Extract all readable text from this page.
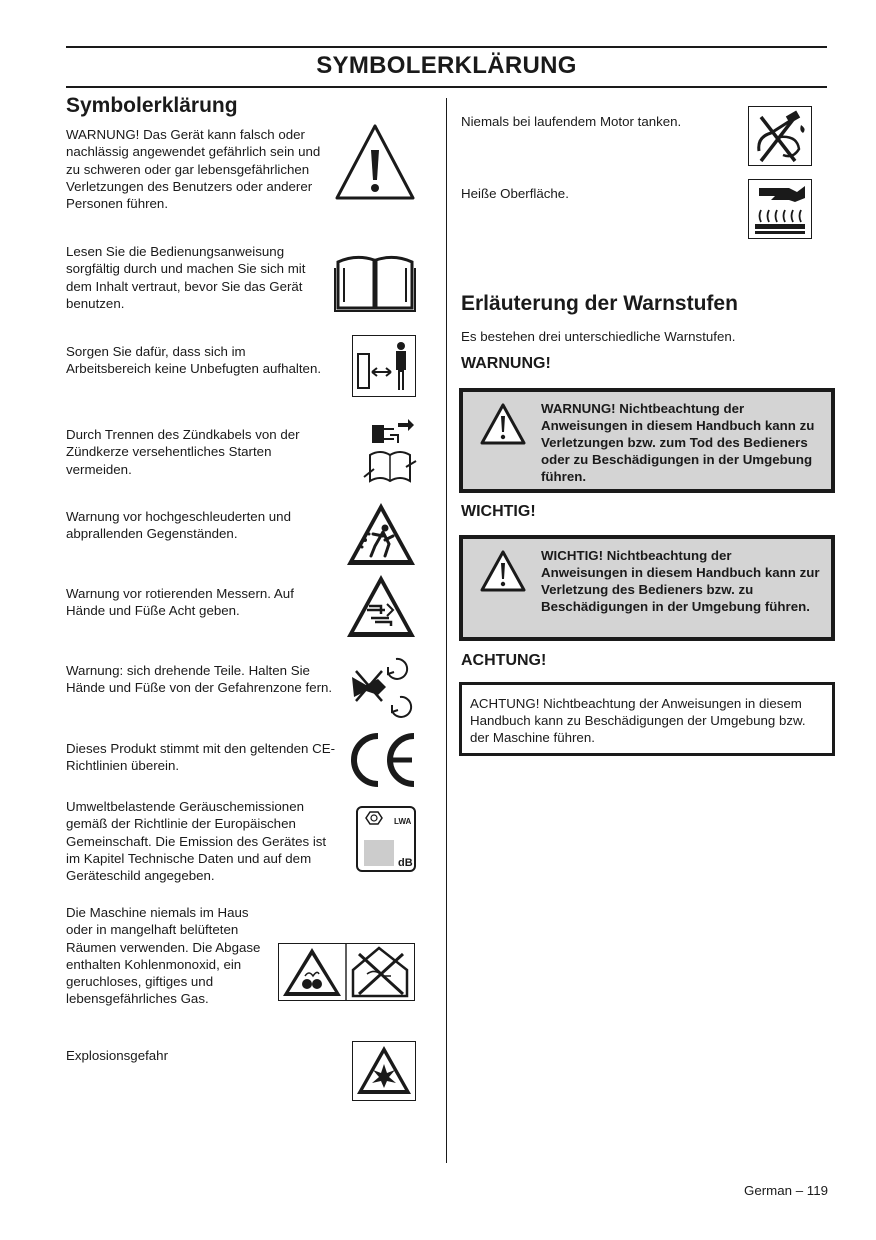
SYMBOLERKLÄRUNG
Symbolerklärung
WARNUNG! Das Gerät kann falsch oder nachlässig angewendet gefährlich sein und zu schweren oder gar lebensgefährlichen Verletzungen des Benutzers oder anderer Personen führen.
Lesen Sie die Bedienungsanweisung sorgfältig durch und machen Sie sich mit dem Inhalt vertraut, bevor Sie das Gerät benutzen.
Sorgen Sie dafür, dass sich im Arbeitsbereich keine Unbefugten aufhalten.
Durch Trennen des Zündkabels von der Zündkerze versehentliches Starten vermeiden.
Warnung vor hochgeschleuderten und abprallenden Gegenständen.
Warnung vor rotierenden Messern. Auf Hände und Füße Acht geben.
Warnung: sich drehende Teile. Halten Sie Hände und Füße von der Gefahrenzone fern.
Dieses Produkt stimmt mit den geltenden CE-Richtlinien überein.
CE
Umweltbelastende Geräuschemissionen gemäß der Richtlinie der Europäischen Gemeinschaft. Die Emission des Gerätes ist im Kapitel Technische Daten und auf dem Geräteschild angegeben.
LWA
dB
Die Maschine niemals im Haus oder in mangelhaft belüfteten Räumen verwenden. Die Abgase enthalten Kohlenmonoxid, ein geruchloses, giftiges und lebensgefährliches Gas.
Explosionsgefahr
Niemals bei laufendem Motor tanken.
Heiße Oberfläche.
Erläuterung der Warnstufen
Es bestehen drei unterschiedliche Warnstufen.
WARNUNG!
WARNUNG! Nichtbeachtung der Anweisungen in diesem Handbuch kann zu Verletzungen bzw. zum Tod des Bedieners oder zu Beschädigungen in der Umgebung führen.
WICHTIG!
WICHTIG! Nichtbeachtung der Anweisungen in diesem Handbuch kann zur Verletzung des Bedieners bzw. zu Beschädigungen in der Umgebung führen.
ACHTUNG!
ACHTUNG! Nichtbeachtung der Anweisungen in diesem Handbuch kann zu Beschädigungen der Umgebung bzw. der Maschine führen.
German – 119
